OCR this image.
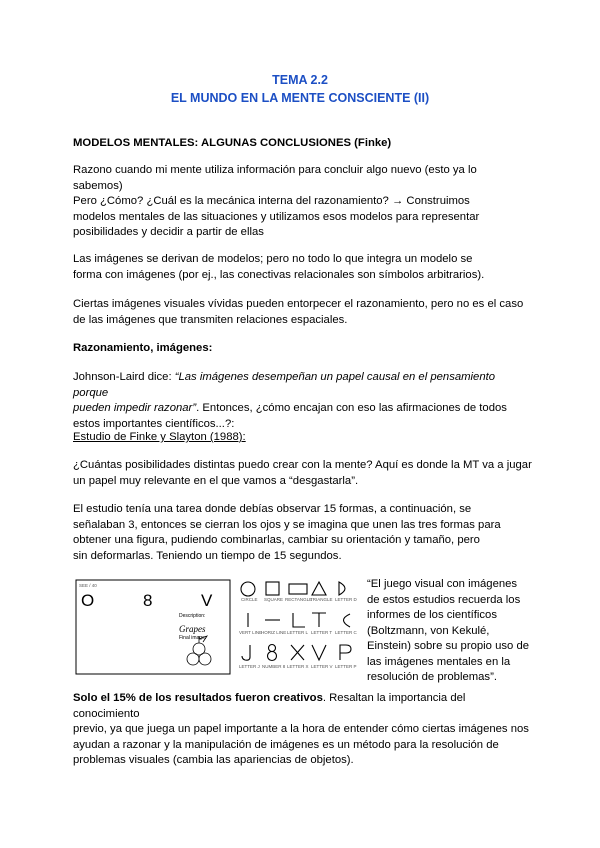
TEMA 2.2
EL MUNDO EN LA MENTE CONSCIENTE (II)

MODELOS MENTALES: ALGUNAS CONCLUSIONES (Finke)

Razono cuando mi mente utiliza información para concluir algo nuevo (esto ya lo
sabemos)
Pero ¿Cómo? ¿Cuál es la mecánica interna del razonamiento? → Construimos
modelos mentales de las situaciones y utilizamos esos modelos para representar
posibilidades y decidir a partir de ellas

Las imágenes se derivan de modelos; pero no todo lo que integra un modelo se
forma con imágenes (por ej., las conectivas relacionales son símbolos arbitrarios).

Ciertas imágenes visuales vívidas pueden entorpecer el razonamiento, pero no es el caso
de las imágenes que transmiten relaciones espaciales.

Razonamiento, imágenes:

Johnson-Laird dice: “Las imágenes desempeñan un papel causal en el pensamiento porque
pueden impedir razonar”. Entonces, ¿cómo encajan con eso las afirmaciones de todos
estos importantes científicos...?:

Estudio de Finke y Slayton (1988):

¿Cuántas posibilidades distintas puedo crear con la mente? Aquí es donde la MT va a jugar
un papel muy relevante en el que vamos a “desgastarla”.

El estudio tenía una tarea donde debías observar 15 formas, a continuación, se
señalaban 3, entonces se cierran los ojos y se imagina que unen las tres formas para
obtener una figura, pudiendo combinarlas, cambiar su orientación y tamaño, pero
sin deformarlas. Teniendo un tiempo de 15 segundos.

SEE / 40
O	8	V
Description:
Grapes
Final image:
CIRCLE SQUARE RECTANGLE
TRIANGLE LETTER D
VERT LINE
HORIZ LINE LETTER L LETTER T LETTER C
LETTER J NUMBER 8 LETTER X LETTER V LETTER P

“El juego visual con imágenes
de estos estudios recuerda los
informes de los científicos
(Boltzmann, von Kekulé,
Einstein) sobre su propio uso de
las imágenes mentales en la
resolución de problemas”.

Solo el 15% de los resultados fueron creativos. Resaltan la importancia del conocimiento
previo, ya que juega un papel importante a la hora de entender cómo ciertas imágenes nos
ayudan a razonar y la manipulación de imágenes es un método para la resolución de
problemas visuales (cambia las apariencias de objetos).
